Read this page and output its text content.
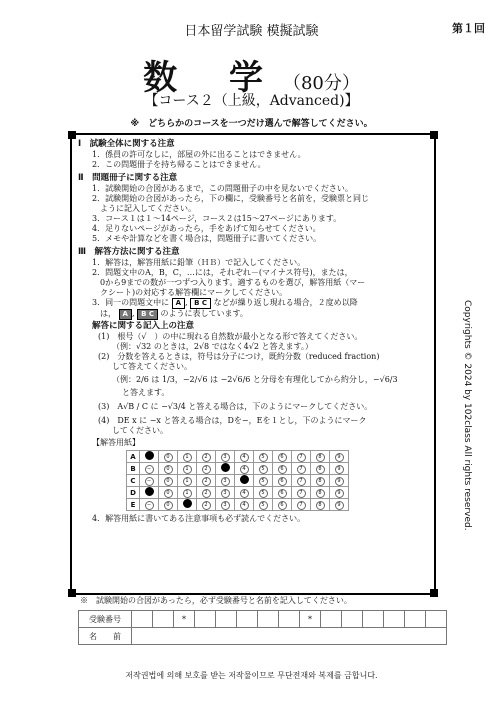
日本留学試験 模擬試験	第１回
数 学（80分）
【コース２（上級，Advanced)】
※　どちらかのコースを一つだけ選んで解答してください。
Ⅰ　試験全体に関する注意
1．係員の許可なしに，部屋の外に出ることはできません。
2．この問題冊子を持ち帰ることはできません。
Ⅱ　問題冊子に関する注意
1．試験開始の合図があるまで，この問題冊子の中を見ないでください。
2．試験開始の合図があったら，下の欄に，受験番号と名前を，受験票と同じ
ように記入してください。
3．コース１は１～14ページ，コース２は15～27ページにあります。
4．足りないページがあったら，手をあげて知らせてください。
5．メモや計算などを書く場合は，問題冊子に書いてください。
Ⅲ　解答方法に関する注意
1．解答は，解答用紙に鉛筆（ＨＢ）で記入してください。
2．問題文中のA，B，C，…には，それぞれ－(マイナス符号)，または，
0から9までの数が一つずつ入ります。適するものを選び，解答用紙（マー
クシート)の対応する解答欄にマークしてください。
3．同一の問題文中に A , B C などが繰り返し現れる場合，２度め以降
は， A , B C のように表しています。
解答に関する記入上の注意
(1)　根号（√　）の中に現れる自然数が最小となる形で答えてください。
（例：√32 のときは，2√8 ではなく4√2 と答えます。）
(2)　分数を答えるときは，符号は分子につけ，既約分数（reduced fraction)
して答えてください。
（例：2/6 は 1/3，−2/√6 は −2√6/6 と分母を有理化してから約分し，−√6/3
と答えます。
(3)　A√B / C に −√3/4 と答える場合は，下のようにマークしてください。
(4)　DE x に −x と答える場合は，Dを−，Eを１とし，下のようにマーク
してください。
【解答用紙】
A		0	1	2	3	4	5	6	7	8	9
B	−	0	1	2		4	5	6	7	8	9
C	−	0	1	2	3		5	6	7	8	9
D		0	1	2	3	4	5	6	7	8	9
E	−	0		2	3	4	5	6	7	8	9
4．解答用紙に書いてある注意事項も必ず読んでください。	Copyrights © 2024 by 102class All rights reserved.
※　試験開始の合図があったら，必ず受験番号と名前を記入してください。
受験番号			*						*						
名　　前															
저작권법에 의해 보호를 받는 저작물이므로 무단전재와 복제를 금합니다.
